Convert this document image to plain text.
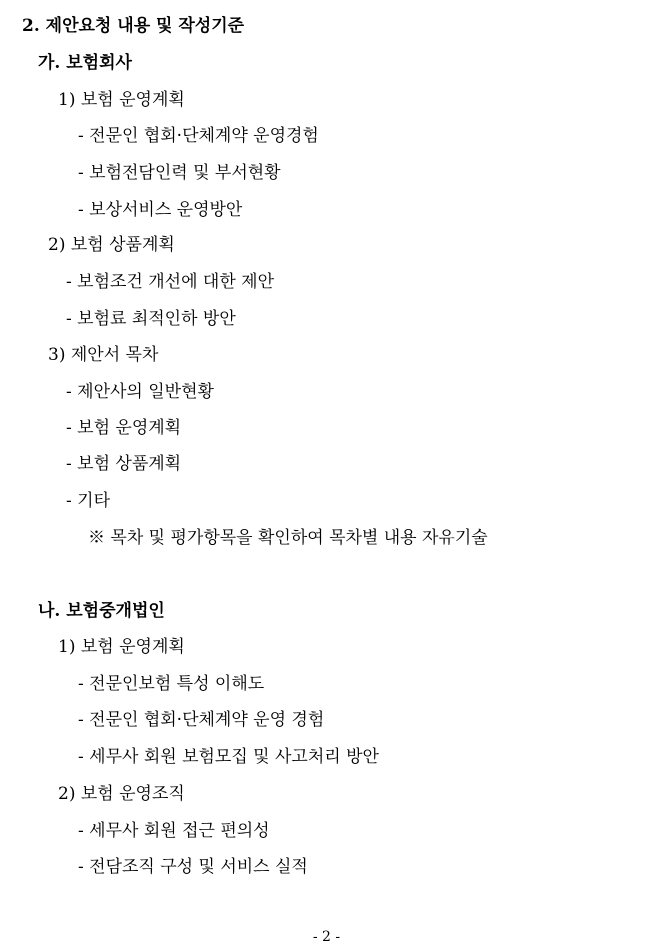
2. 제안요청 내용 및 작성기준
가. 보험회사
1) 보험 운영계획
- 전문인 협회·단체계약 운영경험
- 보험전담인력 및 부서현황
- 보상서비스 운영방안
2) 보험 상품계획
- 보험조건 개선에 대한 제안
- 보험료 최적인하 방안
3) 제안서 목차
- 제안사의 일반현황
- 보험 운영계획
- 보험 상품계획
- 기타
※ 목차 및 평가항목을 확인하여 목차별 내용 자유기술
나. 보험중개법인
1) 보험 운영계획
- 전문인보험 특성 이해도
- 전문인 협회·단체계약 운영 경험
- 세무사 회원 보험모집 및 사고처리 방안
2) 보험 운영조직
- 세무사 회원 접근 편의성
- 전담조직 구성 및 서비스 실적
- 2 -
